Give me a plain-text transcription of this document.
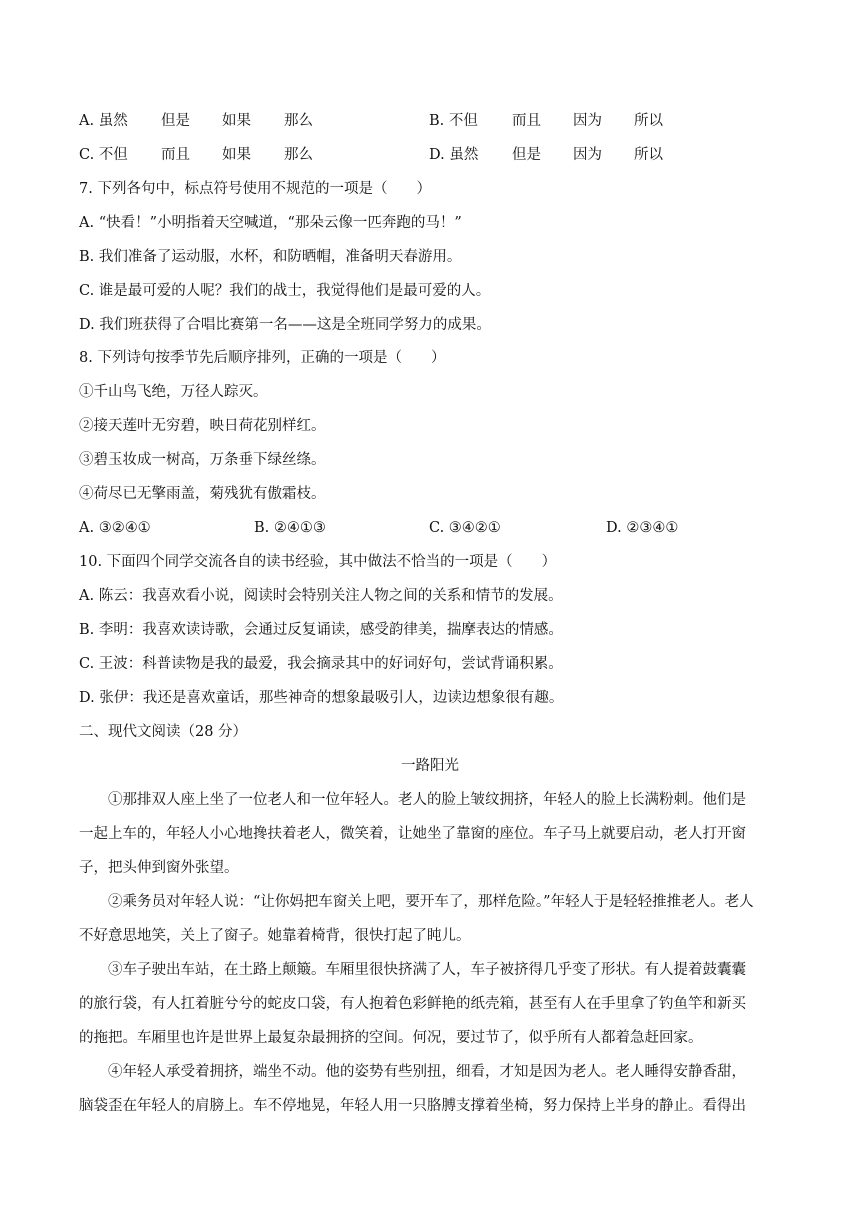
A. 虽然 但是 如果 那么	B. 不但 而且 因为 所以
C. 不但 而且 如果 那么	D. 虽然 但是 因为 所以
7. 下列各句中，标点符号使用不规范的一项是（　　）
A. “快看！”小明指着天空喊道，“那朵云像一匹奔跑的马！”
B. 我们准备了运动服，水杯，和防晒帽，准备明天春游用。
C. 谁是最可爱的人呢？我们的战士，我觉得他们是最可爱的人。
D. 我们班获得了合唱比赛第一名——这是全班同学努力的成果。
8. 下列诗句按季节先后顺序排列，正确的一项是（　　）
①千山鸟飞绝，万径人踪灭。
②接天莲叶无穷碧，映日荷花别样红。
③碧玉妆成一树高，万条垂下绿丝绦。
④荷尽已无擎雨盖，菊残犹有傲霜枝。
A. ③②④①	B. ②④①③	C. ③④②①	D. ②③④①
10. 下面四个同学交流各自的读书经验，其中做法不恰当的一项是（　　）
A. 陈云：我喜欢看小说，阅读时会特别关注人物之间的关系和情节的发展。
B. 李明：我喜欢读诗歌，会通过反复诵读，感受韵律美，揣摩表达的情感。
C. 王波：科普读物是我的最爱，我会摘录其中的好词好句，尝试背诵积累。
D. 张伊：我还是喜欢童话，那些神奇的想象最吸引人，边读边想象很有趣。
二、现代文阅读（28 分）
一路阳光
　　①那排双人座上坐了一位老人和一位年轻人。老人的脸上皱纹拥挤，年轻人的脸上长满粉刺。他们是
一起上车的，年轻人小心地搀扶着老人，微笑着，让她坐了靠窗的座位。车子马上就要启动，老人打开窗
子，把头伸到窗外张望。
　　②乘务员对年轻人说：“让你妈把车窗关上吧，要开车了，那样危险。”年轻人于是轻轻推推老人。老人
不好意思地笑，关上了窗子。她靠着椅背，很快打起了盹儿。
　　③车子驶出车站，在土路上颠簸。车厢里很快挤满了人，车子被挤得几乎变了形状。有人提着鼓囊囊
的旅行袋，有人扛着脏兮兮的蛇皮口袋，有人抱着色彩鲜艳的纸壳箱，甚至有人在手里拿了钓鱼竿和新买
的拖把。车厢里也许是世界上最复杂最拥挤的空间。何况，要过节了，似乎所有人都着急赶回家。
　　④年轻人承受着拥挤，端坐不动。他的姿势有些别扭，细看，才知是因为老人。老人睡得安静香甜，
脑袋歪在年轻人的肩膀上。车不停地晃，年轻人用一只胳膊支撑着坐椅，努力保持上半身的静止。看得出
